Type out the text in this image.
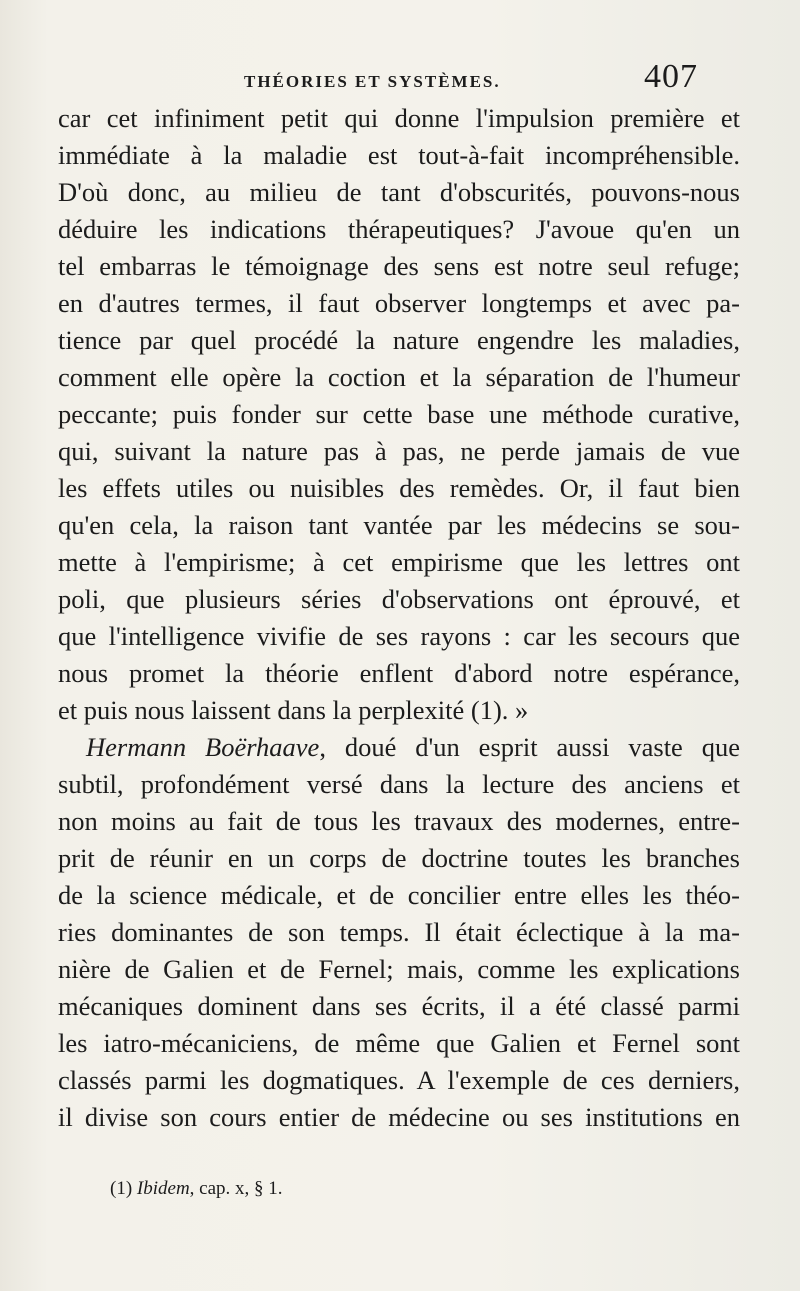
THÉORIES ET SYSTÈMES.	407
car cet infiniment petit qui donne l'impulsion première et
immédiate à la maladie est tout-à-fait incompréhensible.
D'où donc, au milieu de tant d'obscurités, pouvons-nous
déduire les indications thérapeutiques? J'avoue qu'en un
tel embarras le témoignage des sens est notre seul refuge;
en d'autres termes, il faut observer longtemps et avec pa-
tience par quel procédé la nature engendre les maladies,
comment elle opère la coction et la séparation de l'humeur
peccante; puis fonder sur cette base une méthode curative,
qui, suivant la nature pas à pas, ne perde jamais de vue
les effets utiles ou nuisibles des remèdes. Or, il faut bien
qu'en cela, la raison tant vantée par les médecins se sou-
mette à l'empirisme; à cet empirisme que les lettres ont
poli, que plusieurs séries d'observations ont éprouvé, et
que l'intelligence vivifie de ses rayons : car les secours que
nous promet la théorie enflent d'abord notre espérance,
et puis nous laissent dans la perplexité (1). »
Hermann Boërhaave, doué d'un esprit aussi vaste que
subtil, profondément versé dans la lecture des anciens et
non moins au fait de tous les travaux des modernes, entre-
prit de réunir en un corps de doctrine toutes les branches
de la science médicale, et de concilier entre elles les théo-
ries dominantes de son temps. Il était éclectique à la ma-
nière de Galien et de Fernel; mais, comme les explications
mécaniques dominent dans ses écrits, il a été classé parmi
les iatro-mécaniciens, de même que Galien et Fernel sont
classés parmi les dogmatiques. A l'exemple de ces derniers,
il divise son cours entier de médecine ou ses institutions en
(1) Ibidem, cap. x, § 1.
